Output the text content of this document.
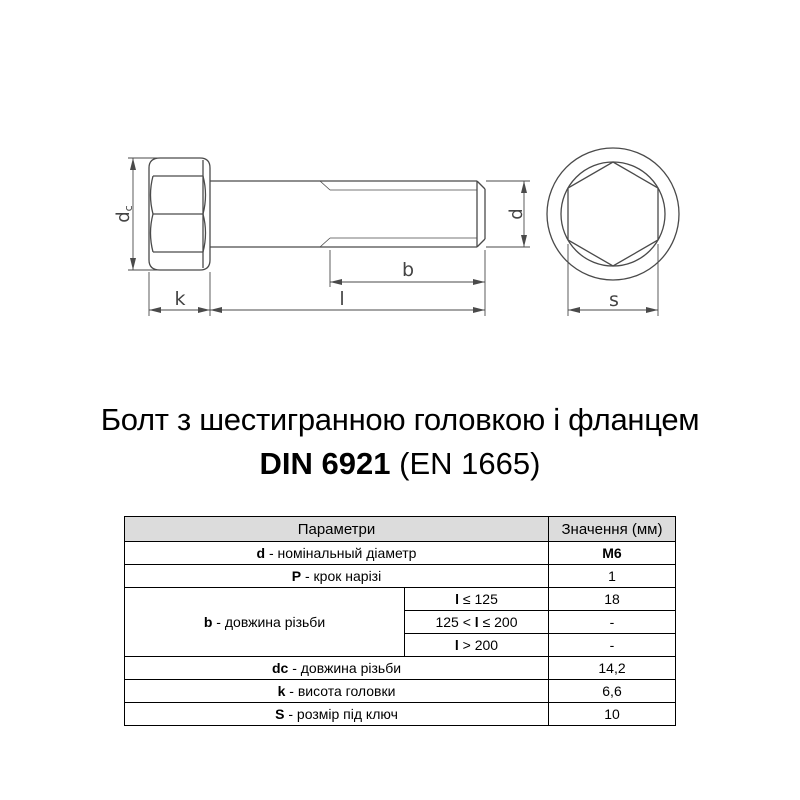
dc	d
b
k	l	s
Болт з шестигранною головкою і фланцем
DIN 6921 (EN 1665)
Параметри		Значення (мм)
d - номінальный діаметр		M6
P - крок нарізі		1
b - довжина різьби	l ≤ 125	18
	125 < l ≤ 200	-
	l > 200	-
dc - довжина різьби		14,2
k - висота головки		6,6
S - розмір під ключ		10
